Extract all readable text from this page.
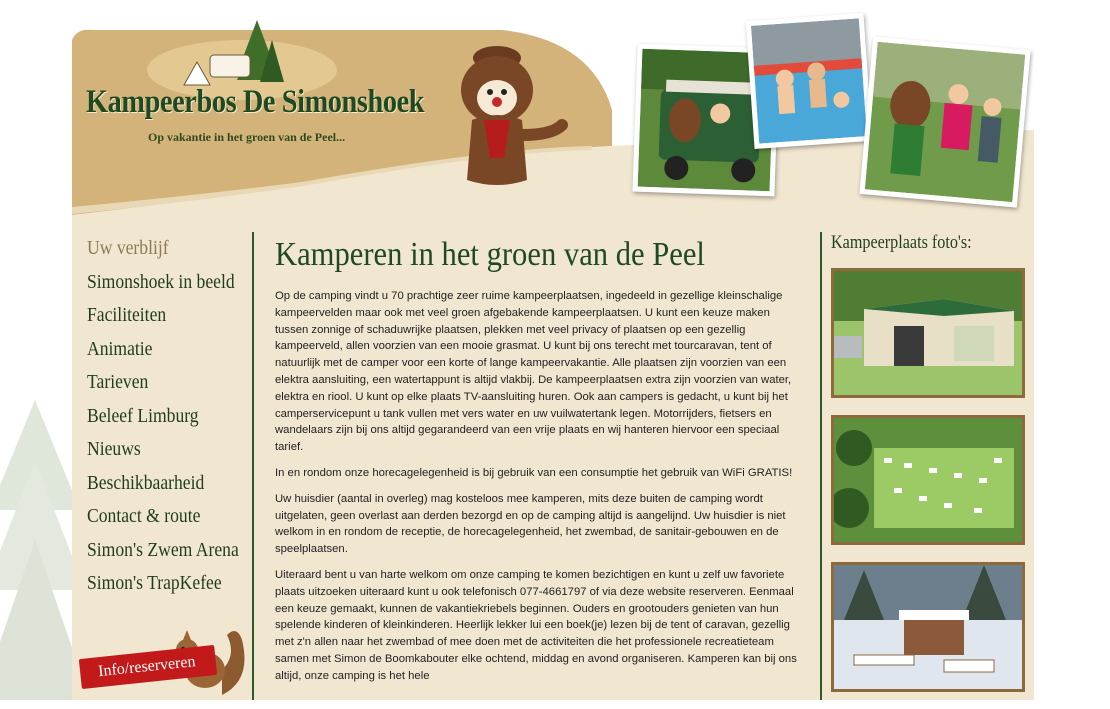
Kampeerbos De Simonshoek
Op vakantie in het groen van de Peel...
Uw verblijf
Simonshoek in beeld
Faciliteiten
Animatie
Tarieven
Beleef Limburg
Nieuws
Beschikbaarheid
Contact & route
Simon's Zwem Arena
Simon's TrapKefee
Info/reserveren
Kamperen in het groen van de Peel

Op de camping vindt u 70 prachtige zeer ruime kampeerplaatsen, ingedeeld in gezellige kleinschalige kampeervelden maar ook met veel groen afgebakende kampeerplaatsen. U kunt een keuze maken tussen zonnige of schaduwrijke plaatsen, plekken met veel privacy of plaatsen op een gezellig kampeerveld, allen voorzien van een mooie grasmat. U kunt bij ons terecht met tourcaravan, tent of natuurlijk met de camper voor een korte of lange kampeervakantie. Alle plaatsen zijn voorzien van een elektra aansluiting, een watertappunt is altijd vlakbij. De kampeerplaatsen extra zijn voorzien van water, elektra en riool. U kunt op elke plaats TV-aansluiting huren. Ook aan campers is gedacht, u kunt bij het camperservicepunt u tank vullen met vers water en uw vuilwatertank legen. Motorrijders, fietsers en wandelaars zijn bij ons altijd gegarandeerd van een vrije plaats en wij hanteren hiervoor een speciaal tarief.

In en rondom onze horecagelegenheid is bij gebruik van een consumptie het gebruik van WiFi GRATIS!

Uw huisdier (aantal in overleg) mag kosteloos mee kamperen, mits deze buiten de camping wordt uitgelaten, geen overlast aan derden bezorgd en op de camping altijd is aangelijnd. Uw huisdier is niet welkom in en rondom de receptie, de horecagelegenheid, het zwembad, de sanitair-gebouwen en de speelplaatsen.

Uiteraard bent u van harte welkom om onze camping te komen bezichtigen en kunt u zelf uw favoriete plaats uitzoeken uiteraard kunt u ook telefonisch 077-4661797 of via deze website reserveren. Eenmaal een keuze gemaakt, kunnen de vakantiekriebels beginnen. Ouders en grootouders genieten van hun spelende kinderen of kleinkinderen. Heerlijk lekker lui een boek(je) lezen bij de tent of caravan, gezellig met z'n allen naar het zwembad of mee doen met de activiteiten die het professionele recreatieteam samen met Simon de Boomkabouter elke ochtend, middag en avond organiseren. Kamperen kan bij ons altijd, onze camping is het hele

Kampeerplaats foto's:
